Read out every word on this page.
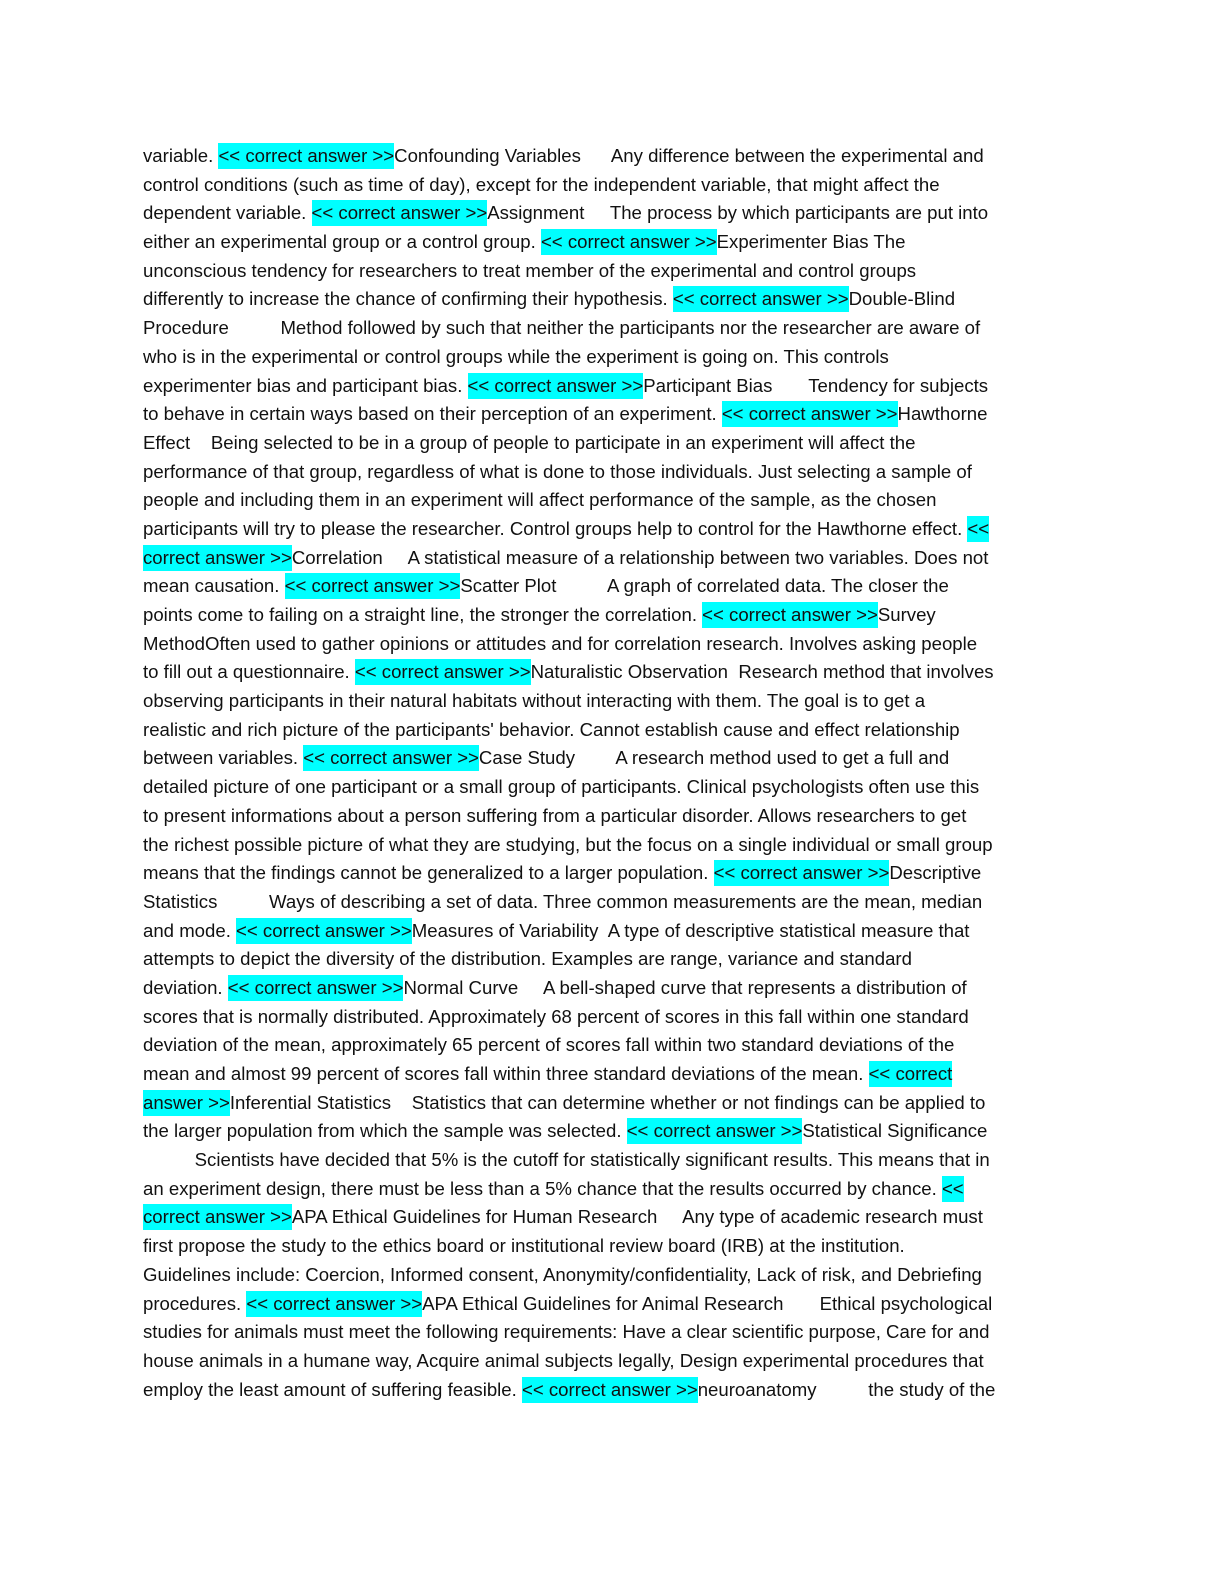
variable. << correct answer >>Confounding Variables      Any difference between the experimental and
control conditions (such as time of day), except for the independent variable, that might affect the
dependent variable. << correct answer >>Assignment     The process by which participants are put into
either an experimental group or a control group. << correct answer >>Experimenter Bias The
unconscious tendency for researchers to treat member of the experimental and control groups
differently to increase the chance of confirming their hypothesis. << correct answer >>Double-Blind
Procedure          Method followed by such that neither the participants nor the researcher are aware of
who is in the experimental or control groups while the experiment is going on. This controls
experimenter bias and participant bias. << correct answer >>Participant Bias       Tendency for subjects
to behave in certain ways based on their perception of an experiment. << correct answer >>Hawthorne
Effect    Being selected to be in a group of people to participate in an experiment will affect the
performance of that group, regardless of what is done to those individuals. Just selecting a sample of
people and including them in an experiment will affect performance of the sample, as the chosen
participants will try to please the researcher. Control groups help to control for the Hawthorne effect. <<
correct answer >>Correlation     A statistical measure of a relationship between two variables. Does not
mean causation. << correct answer >>Scatter Plot          A graph of correlated data. The closer the
points come to failing on a straight line, the stronger the correlation. << correct answer >>Survey
MethodOften used to gather opinions or attitudes and for correlation research. Involves asking people
to fill out a questionnaire. << correct answer >>Naturalistic Observation  Research method that involves
observing participants in their natural habitats without interacting with them. The goal is to get a
realistic and rich picture of the participants' behavior. Cannot establish cause and effect relationship
between variables. << correct answer >>Case Study        A research method used to get a full and
detailed picture of one participant or a small group of participants. Clinical psychologists often use this
to present informations about a person suffering from a particular disorder. Allows researchers to get
the richest possible picture of what they are studying, but the focus on a single individual or small group
means that the findings cannot be generalized to a larger population. << correct answer >>Descriptive
Statistics          Ways of describing a set of data. Three common measurements are the mean, median
and mode. << correct answer >>Measures of Variability  A type of descriptive statistical measure that
attempts to depict the diversity of the distribution. Examples are range, variance and standard
deviation. << correct answer >>Normal Curve     A bell-shaped curve that represents a distribution of
scores that is normally distributed. Approximately 68 percent of scores in this fall within one standard
deviation of the mean, approximately 65 percent of scores fall within two standard deviations of the
mean and almost 99 percent of scores fall within three standard deviations of the mean. << correct
answer >>Inferential Statistics    Statistics that can determine whether or not findings can be applied to
the larger population from which the sample was selected. << correct answer >>Statistical Significance
Scientists have decided that 5% is the cutoff for statistically significant results. This means that in
an experiment design, there must be less than a 5% chance that the results occurred by chance. <<
correct answer >>APA Ethical Guidelines for Human Research     Any type of academic research must
first propose the study to the ethics board or institutional review board (IRB) at the institution.
Guidelines include: Coercion, Informed consent, Anonymity/confidentiality, Lack of risk, and Debriefing
procedures. << correct answer >>APA Ethical Guidelines for Animal Research       Ethical psychological
studies for animals must meet the following requirements: Have a clear scientific purpose, Care for and
house animals in a humane way, Acquire animal subjects legally, Design experimental procedures that
employ the least amount of suffering feasible. << correct answer >>neuroanatomy          the study of the
